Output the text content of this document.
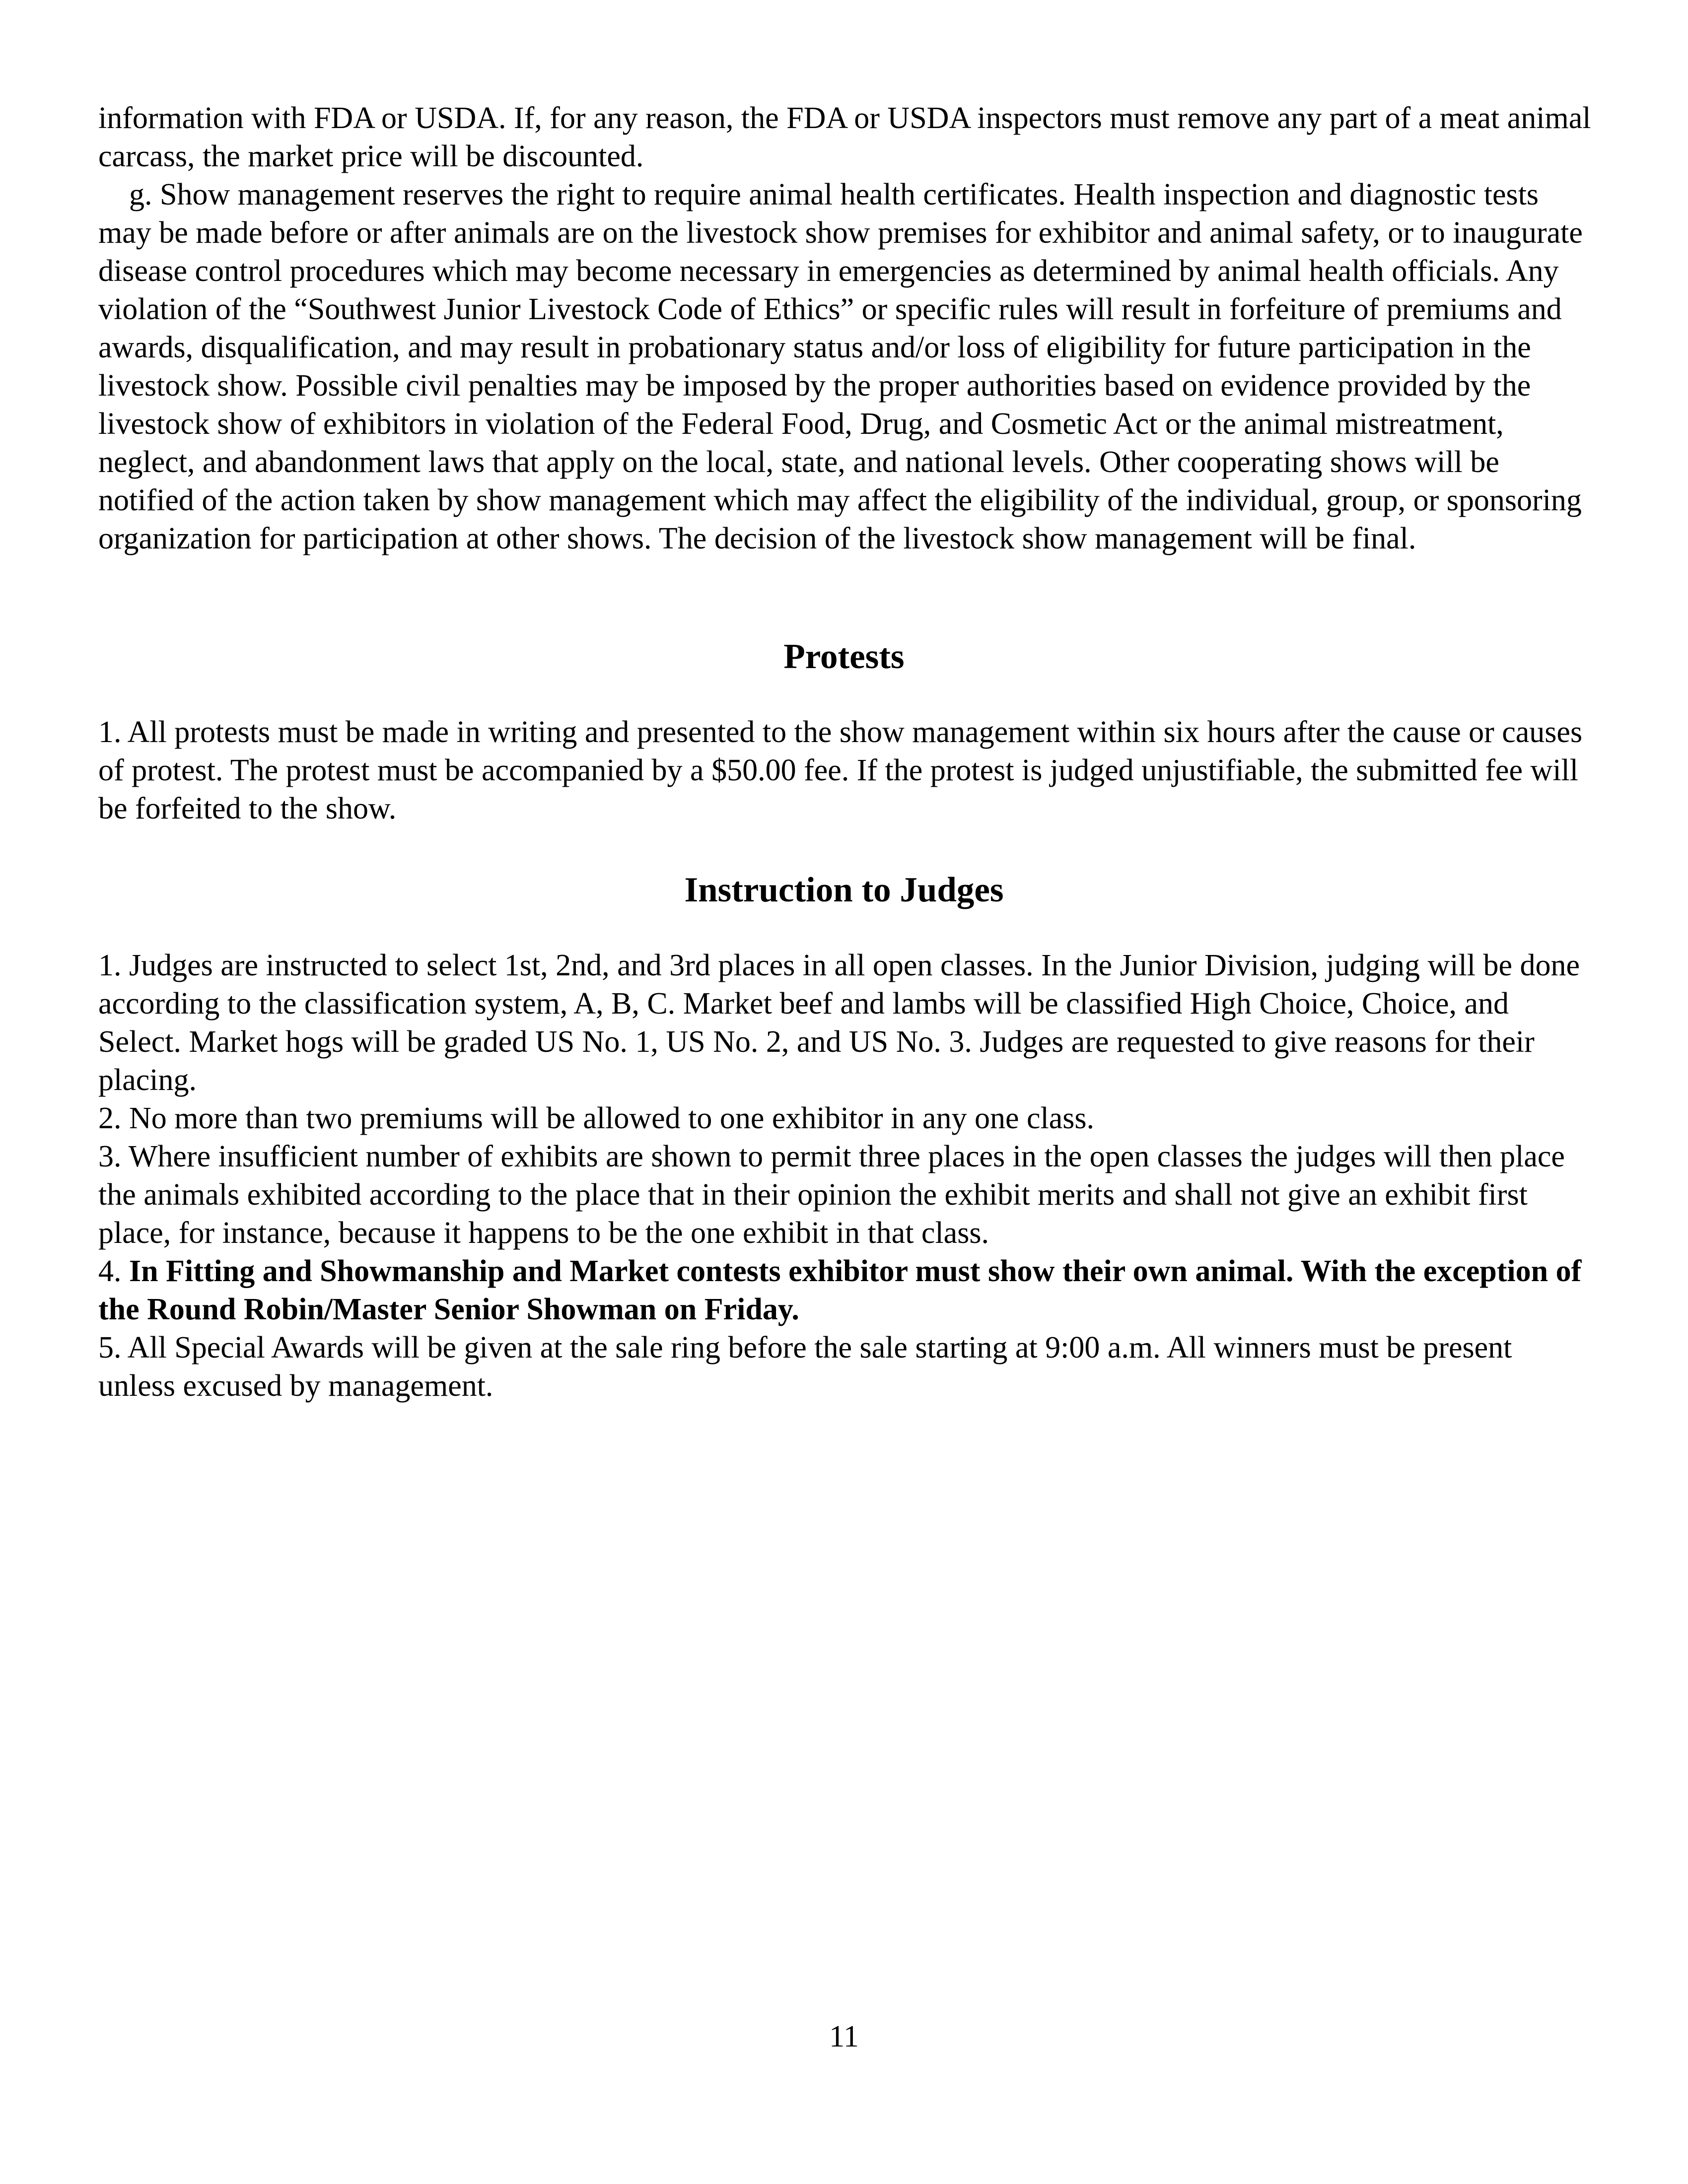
information with FDA or USDA. If, for any reason, the FDA or USDA inspectors must remove any part of a meat animal carcass, the market price will be discounted.

g. Show management reserves the right to require animal health certificates. Health inspection and diagnostic tests may be made before or after animals are on the livestock show premises for exhibitor and animal safety, or to inaugurate disease control procedures which may become necessary in emergencies as determined by animal health officials. Any violation of the “Southwest Junior Livestock Code of Ethics” or specific rules will result in forfeiture of premiums and awards, disqualification, and may result in probationary status and/or loss of eligibility for future participation in the livestock show. Possible civil penalties may be imposed by the proper authorities based on evidence provided by the livestock show of exhibitors in violation of the Federal Food, Drug, and Cosmetic Act or the animal mistreatment, neglect, and abandonment laws that apply on the local, state, and national levels. Other cooperating shows will be notified of the action taken by show management which may affect the eligibility of the individual, group, or sponsoring organization for participation at other shows. The decision of the livestock show management will be final.

Protests

1. All protests must be made in writing and presented to the show management within six hours after the cause or causes of protest. The protest must be accompanied by a $50.00 fee. If the protest is judged unjustifiable, the submitted fee will be forfeited to the show.

Instruction to Judges

1. Judges are instructed to select 1st, 2nd, and 3rd places in all open classes. In the Junior Division, judging will be done according to the classification system, A, B, C. Market beef and lambs will be classified High Choice, Choice, and Select. Market hogs will be graded US No. 1, US No. 2, and US No. 3. Judges are requested to give reasons for their placing.

2. No more than two premiums will be allowed to one exhibitor in any one class.

3. Where insufficient number of exhibits are shown to permit three places in the open classes the judges will then place the animals exhibited according to the place that in their opinion the exhibit merits and shall not give an exhibit first place, for instance, because it happens to be the one exhibit in that class.

4. In Fitting and Showmanship and Market contests exhibitor must show their own animal. With the exception of the Round Robin/Master Senior Showman on Friday.

5. All Special Awards will be given at the sale ring before the sale starting at 9:00 a.m. All winners must be present unless excused by management.

11
